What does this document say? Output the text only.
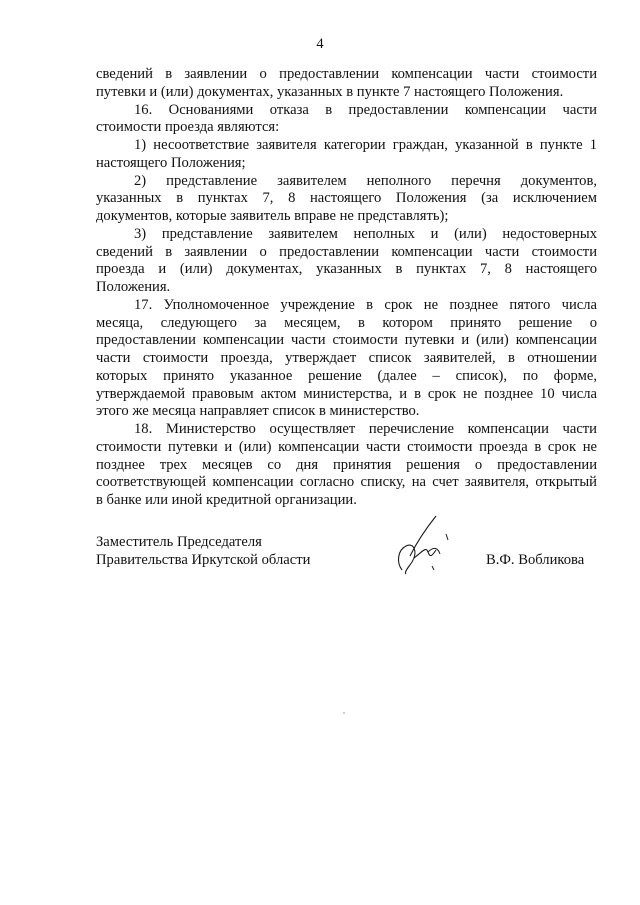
4
сведений в заявлении о предоставлении компенсации части стоимости
путевки и (или) документах, указанных в пункте 7 настоящего Положения.
16. Основаниями отказа в предоставлении компенсации части
стоимости проезда являются:
1) несоответствие заявителя категории граждан, указанной в пункте 1
настоящего Положения;
2) представление заявителем неполного перечня документов,
указанных в пунктах 7, 8 настоящего Положения (за исключением
документов, которые заявитель вправе не представлять);
3) представление заявителем неполных и (или) недостоверных
сведений в заявлении о предоставлении компенсации части стоимости
проезда и (или) документах, указанных в пунктах 7, 8 настоящего
Положения.
17. Уполномоченное учреждение в срок не позднее пятого числа
месяца, следующего за месяцем, в котором принято решение о
предоставлении компенсации части стоимости путевки и (или) компенсации
части стоимости проезда, утверждает список заявителей, в отношении
которых принято указанное решение (далее – список), по форме,
утверждаемой правовым актом министерства, и в срок не позднее 10 числа
этого же месяца направляет список в министерство.
18. Министерство осуществляет перечисление компенсации части
стоимости путевки и (или) компенсации части стоимости проезда в срок не
позднее трех месяцев со дня принятия решения о предоставлении
соответствующей компенсации согласно списку, на счет заявителя, открытый
в банке или иной кредитной организации.
Заместитель Председателя
Правительства Иркутской области	В.Ф. Вобликова
